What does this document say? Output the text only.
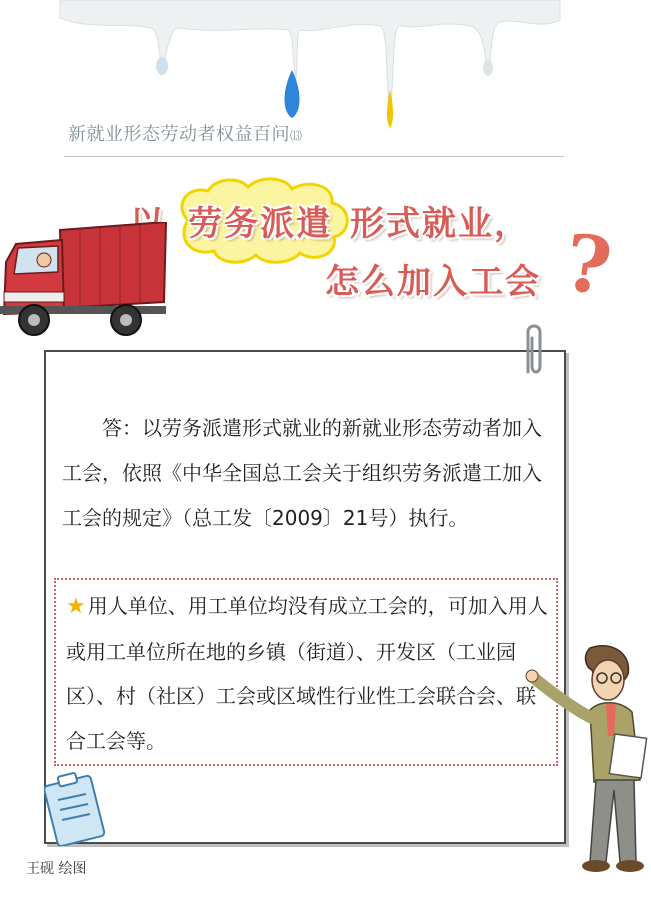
新就业形态劳动者权益百问⒀
劳务派遣 形式就业，
怎么加入工会 ?

答：以劳务派遣形式就业的新就业形态劳动者加入工会，依照《中华全国总工会关于组织劳务派遣工加入工会的规定》（总工发〔2009〕21号）执行。

★ 用人单位、用工单位均没有成立工会的，可加入用人或用工单位所在地的乡镇（街道）、开发区（工业园区）、村（社区）工会或区域性行业性工会联合会、联合工会等。

王砚 绘图
